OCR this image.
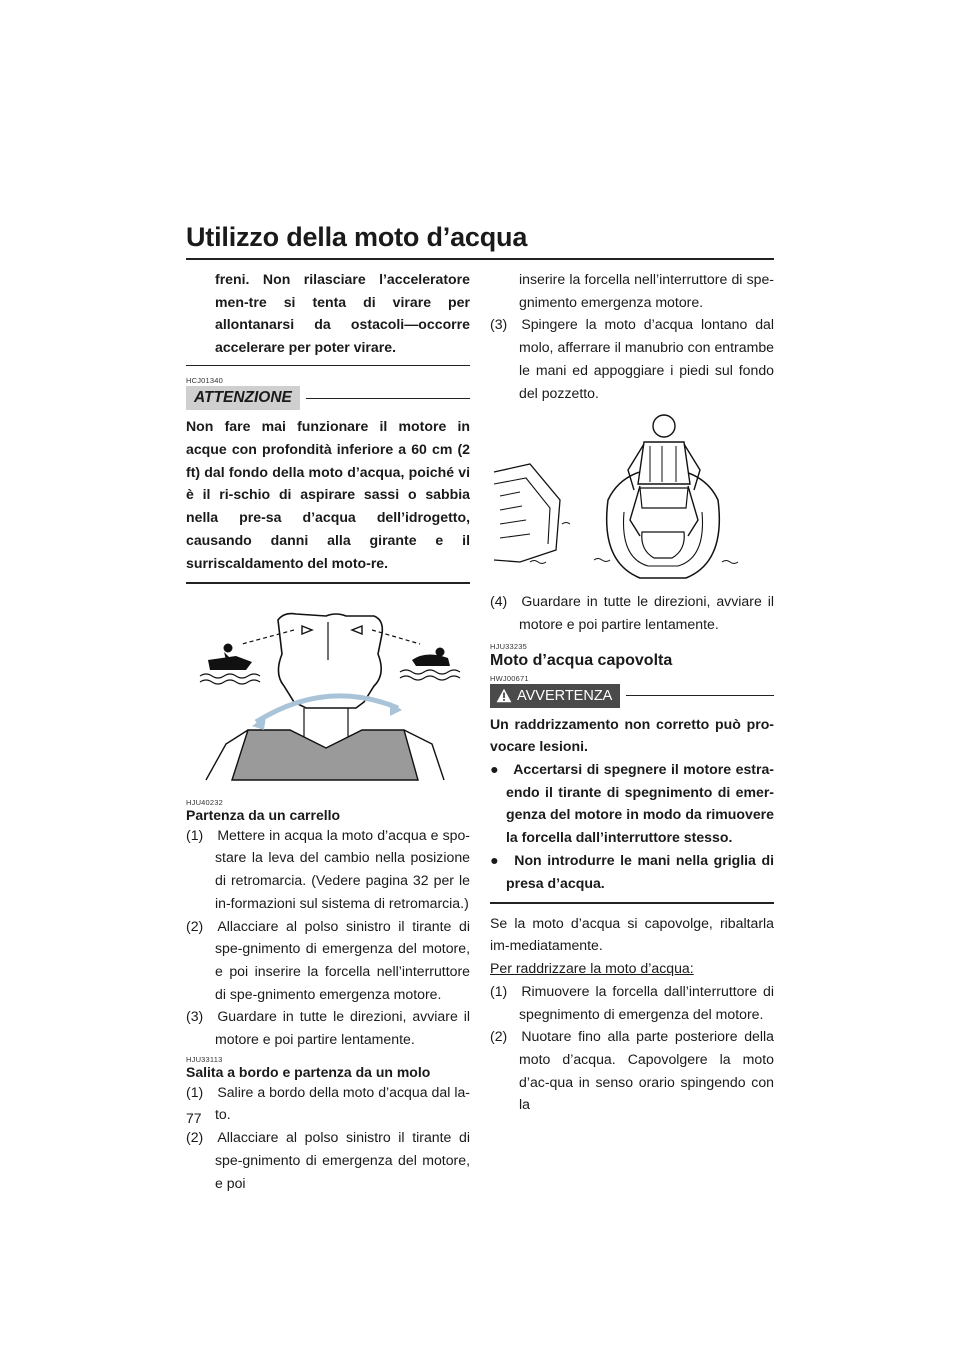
Utilizzo della moto d’acqua

freni. Non rilasciare l’acceleratore men-tre si tenta di virare per allontanarsi da ostacoli—occorre accelerare per poter virare.

HCJ01340
ATTENZIONE

Non fare mai funzionare il motore in acque con profondità inferiore a 60 cm (2 ft) dal fondo della moto d’acqua, poiché vi è il ri-schio di aspirare sassi o sabbia nella pre-sa d’acqua dell’idrogetto, causando danni alla girante e il surriscaldamento del moto-re.

HJU40232
Partenza da un carrello

(1) Mettere in acqua la moto d’acqua e spo-stare la leva del cambio nella posizione di retromarcia. (Vedere pagina 32 per le in-formazioni sul sistema di retromarcia.)

(2) Allacciare al polso sinistro il tirante di spe-gnimento di emergenza del motore, e poi inserire la forcella nell’interruttore di spe-gnimento emergenza motore.

(3) Guardare in tutte le direzioni, avviare il motore e poi partire lentamente.

HJU33113
Salita a bordo e partenza da un molo

(1) Salire a bordo della moto d’acqua dal la-to.

(2) Allacciare al polso sinistro il tirante di spe-gnimento di emergenza del motore, e poi

inserire la forcella nell’interruttore di spe-gnimento emergenza motore.

(3) Spingere la moto d’acqua lontano dal molo, afferrare il manubrio con entrambe le mani ed appoggiare i piedi sul fondo del pozzetto.

(4) Guardare in tutte le direzioni, avviare il motore e poi partire lentamente.

HJU33235
Moto d’acqua capovolta
HWJ00671
AVVERTENZA

Un raddrizzamento non corretto può pro-vocare lesioni.

● Accertarsi di spegnere il motore estra-endo il tirante di spegnimento di emer-genza del motore in modo da rimuovere la forcella dall’interruttore stesso.

● Non introdurre le mani nella griglia di presa d’acqua.

Se la moto d’acqua si capovolge, ribaltarla im-mediatamente.

Per raddrizzare la moto d’acqua:

(1) Rimuovere la forcella dall’interruttore di spegnimento di emergenza del motore.

(2) Nuotare fino alla parte posteriore della moto d’acqua. Capovolgere la moto d’ac-qua in senso orario spingendo con la

77
